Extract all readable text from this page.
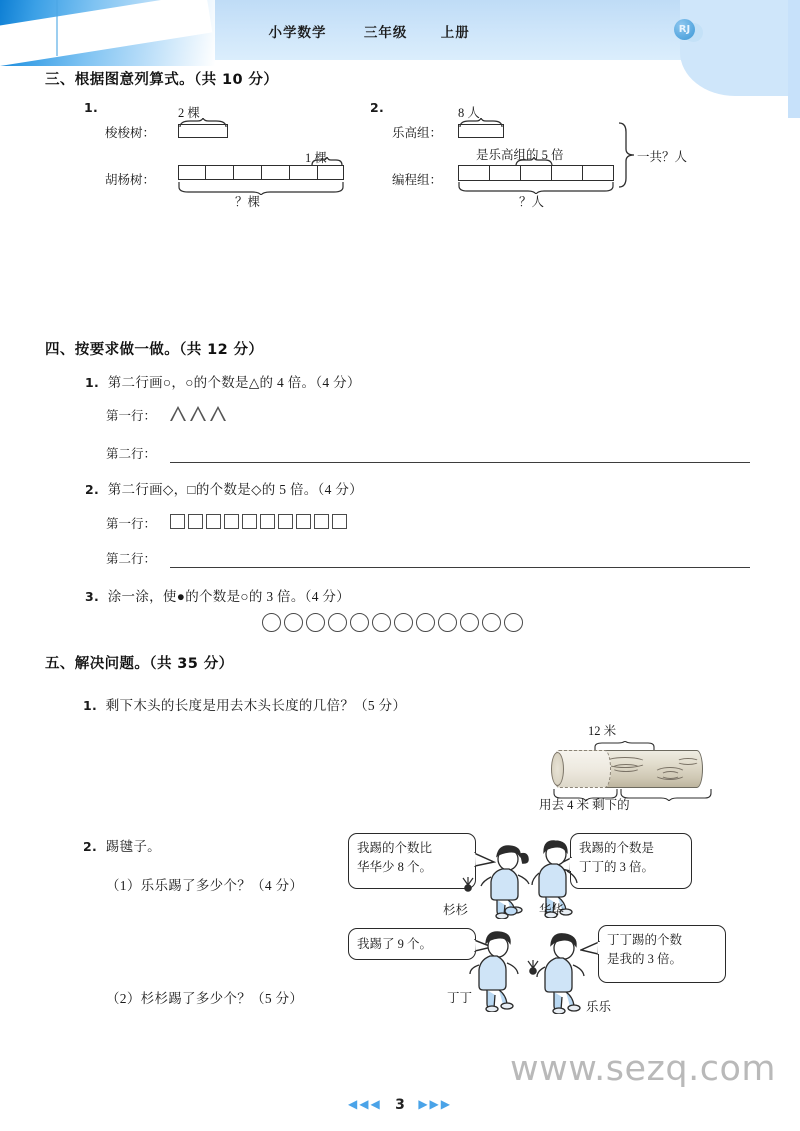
小学数学	三年级 上册	RJ
三、根据图意列算式。（共 10 分）
1.
梭梭树：
2 棵
胡杨树：
1 棵
？棵
2.
乐高组：
8 人
编程组：
是乐高组的 5 倍
？人
一共？人
四、按要求做一做。（共 12 分）
1. 第二行画○，○的个数是△的 4 倍。（4 分）
第一行：
第二行：
2. 第二行画◇，□的个数是◇的 5 倍。（4 分）
第一行：
第二行：
3. 涂一涂，使●的个数是○的 3 倍。（4 分）
五、解决问题。（共 35 分）
1. 剩下木头的长度是用去木头长度的几倍？（5 分）
12 米
用去 4 米 剩下的
2. 踢毽子。
（1）乐乐踢了多少个？（4 分）
（2）杉杉踢了多少个？（5 分）
我踢的个数比
华华少 8 个。
我踢的个数是
丁丁的 3 倍。
我踢了 9 个。	丁丁踢的个数
是我的 3 倍。
杉杉	华华
丁丁
乐乐
www.sezq.com
◀◀◀ 3 ▶▶▶
